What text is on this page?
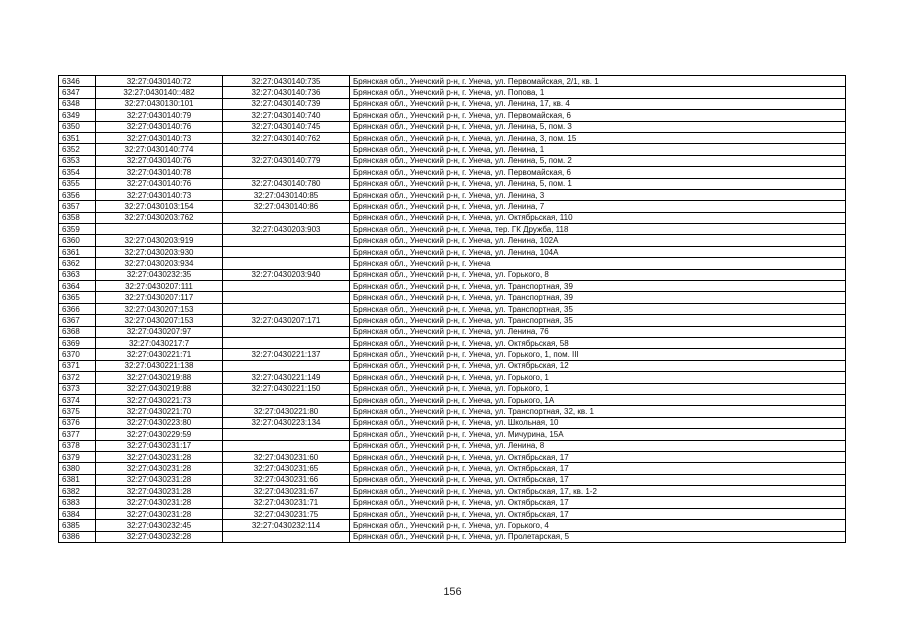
6346	32:27:0430140:72	32:27:0430140:735	Брянская обл., Унечский р-н, г. Унеча, ул. Первомайская, 2/1, кв. 1
6347	32:27:0430140::482	32:27:0430140:736	Брянская обл., Унечский р-н, г. Унеча, ул. Попова, 1
6348	32:27:0430130:101	32:27:0430140:739	Брянская обл., Унечский р-н, г. Унеча, ул. Ленина, 17, кв. 4
6349	32:27:0430140:79	32:27:0430140:740	Брянская обл., Унечский р-н, г. Унеча, ул. Первомайская, 6
6350	32:27:0430140:76	32:27:0430140:745	Брянская обл., Унечский р-н, г. Унеча, ул. Ленина, 5, пом. 3
6351	32:27:0430140:73	32:27:0430140:762	Брянская обл., Унечский р-н, г. Унеча, ул. Ленина, 3, пом. 15
6352	32:27:0430140:774		Брянская обл., Унечский р-н, г. Унеча, ул. Ленина, 1
6353	32:27:0430140:76	32:27:0430140:779	Брянская обл., Унечский р-н, г. Унеча, ул. Ленина, 5, пом. 2
6354	32:27:0430140:78		Брянская обл., Унечский р-н, г. Унеча, ул. Первомайская, 6
6355	32:27:0430140:76	32:27:0430140:780	Брянская обл., Унечский р-н, г. Унеча, ул. Ленина, 5, пом. 1
6356	32:27:0430140:73	32:27:0430140:85	Брянская обл., Унечский р-н, г. Унеча, ул. Ленина, 3
6357	32:27:0430103:154	32:27:0430140:86	Брянская обл., Унечский р-н, г. Унеча, ул. Ленина, 7
6358	32:27:0430203:762		Брянская обл., Унечский р-н, г. Унеча, ул. Октябрьская, 110
6359		32:27:0430203:903	Брянская обл., Унечский р-н, г. Унеча, тер. ГК Дружба, 118
6360	32:27:0430203:919		Брянская обл., Унечский р-н, г. Унеча, ул. Ленина, 102А
6361	32:27:0430203:930		Брянская обл., Унечский р-н, г. Унеча, ул. Ленина, 104А
6362	32:27:0430203:934		Брянская обл., Унечский р-н, г. Унеча
6363	32:27:0430232:35	32:27:0430203:940	Брянская обл., Унечский р-н, г. Унеча, ул. Горького, 8
6364	32:27:0430207:111		Брянская обл., Унечский р-н, г. Унеча, ул. Транспортная, 39
6365	32:27:0430207:117		Брянская обл., Унечский р-н, г. Унеча, ул. Транспортная, 39
6366	32:27:0430207:153		Брянская обл., Унечский р-н, г. Унеча, ул. Транспортная, 35
6367	32:27:0430207:153	32:27:0430207:171	Брянская обл., Унечский р-н, г. Унеча, ул. Транспортная, 35
6368	32:27:0430207:97		Брянская обл., Унечский р-н, г. Унеча, ул. Ленина, 76
6369	32:27:0430217:7		Брянская обл., Унечский р-н, г. Унеча, ул. Октябрьская, 58
6370	32:27:0430221:71	32:27:0430221:137	Брянская обл., Унечский р-н, г. Унеча, ул. Горького, 1, пом. III
6371	32:27:0430221:138		Брянская обл., Унечский р-н, г. Унеча, ул. Октябрьская, 12
6372	32:27:0430219:88	32:27:0430221:149	Брянская обл., Унечский р-н, г. Унеча, ул. Горького, 1
6373	32:27:0430219:88	32:27:0430221:150	Брянская обл., Унечский р-н, г. Унеча, ул. Горького, 1
6374	32:27:0430221:73		Брянская обл., Унечский р-н, г. Унеча, ул. Горького, 1А
6375	32:27:0430221:70	32:27:0430221:80	Брянская обл., Унечский р-н, г. Унеча, ул. Транспортная, 32, кв. 1
6376	32:27:0430223:80	32:27:0430223:134	Брянская обл., Унечский р-н, г. Унеча, ул. Школьная, 10
6377	32:27:0430229:59		Брянская обл., Унечский р-н, г. Унеча, ул. Мичурина, 15А
6378	32:27:0430231:17		Брянская обл., Унечский р-н, г. Унеча, ул. Ленина, 8
6379	32:27:0430231:28	32:27:0430231:60	Брянская обл., Унечский р-н, г. Унеча, ул. Октябрьская, 17
6380	32:27:0430231:28	32:27:0430231:65	Брянская обл., Унечский р-н, г. Унеча, ул. Октябрьская, 17
6381	32:27:0430231:28	32:27:0430231:66	Брянская обл., Унечский р-н, г. Унеча, ул. Октябрьская, 17
6382	32:27:0430231:28	32:27:0430231:67	Брянская обл., Унечский р-н, г. Унеча, ул. Октябрьская, 17, кв. 1-2
6383	32:27:0430231:28	32:27:0430231:71	Брянская обл., Унечский р-н, г. Унеча, ул. Октябрьская, 17
6384	32:27:0430231:28	32:27:0430231:75	Брянская обл., Унечский р-н, г. Унеча, ул. Октябрьская, 17
6385	32:27:0430232:45	32:27:0430232:114	Брянская обл., Унечский р-н, г. Унеча, ул. Горького, 4
6386	32:27:0430232:28		Брянская обл., Унечский р-н, г. Унеча, ул. Пролетарская, 5
156
